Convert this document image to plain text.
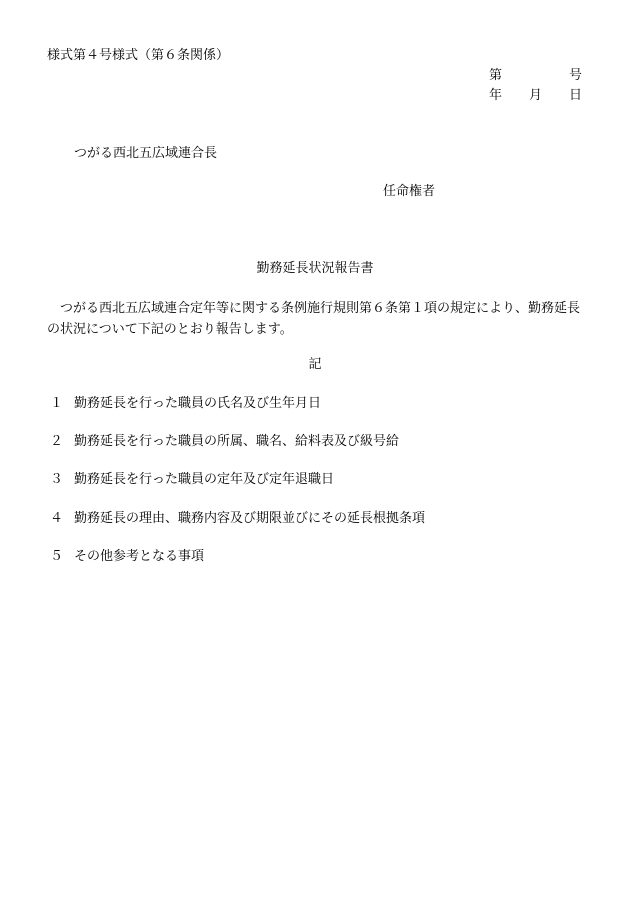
様式第４号様式（第６条関係）
第	号
年 月 日
つがる西北五広域連合長
任命権者
勤務延長状況報告書
つがる西北五広域連合定年等に関する条例施行規則第６条第１項の規定により、勤務延長の状況について下記のとおり報告します。
記
１ 勤務延長を行った職員の氏名及び生年月日
２ 勤務延長を行った職員の所属、職名、給料表及び級号給
３ 勤務延長を行った職員の定年及び定年退職日
４ 勤務延長の理由、職務内容及び期限並びにその延長根拠条項
５ その他参考となる事項
